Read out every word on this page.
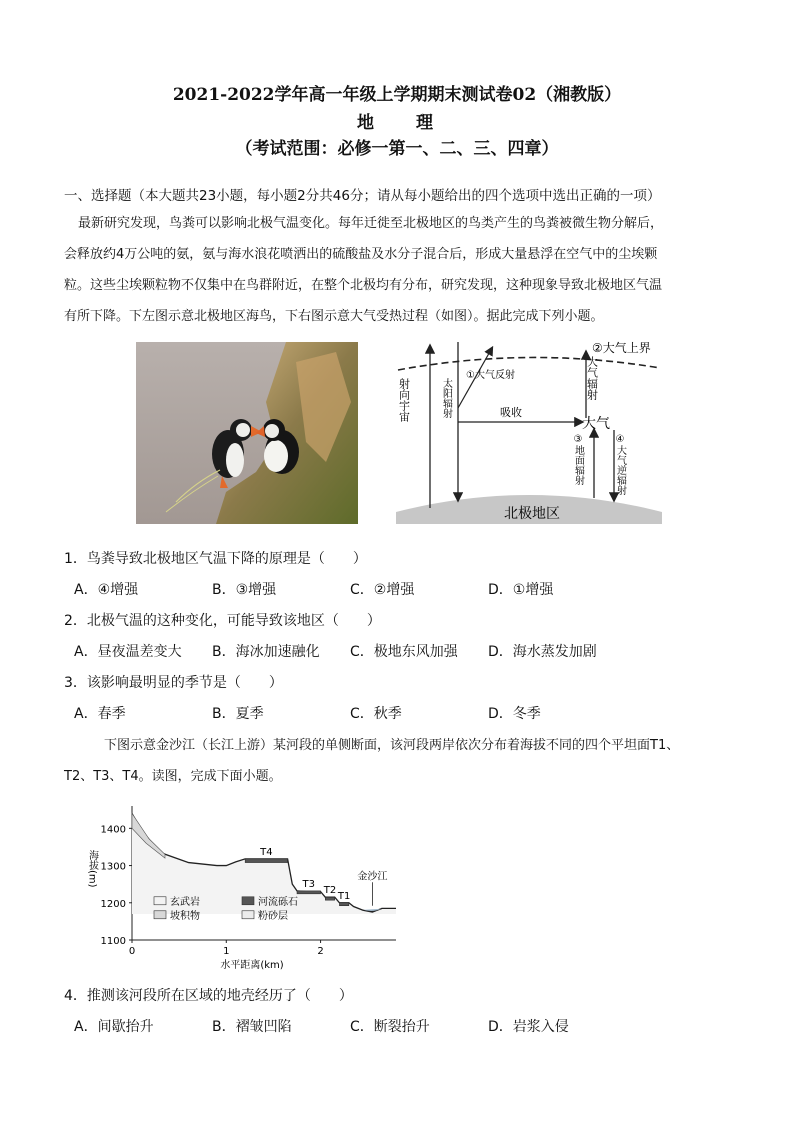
2021-2022学年高一年级上学期期末测试卷02（湘教版）
地 理
（考试范围：必修一第一、二、三、四章）
一、选择题（本大题共23小题，每小题2分共46分；请从每小题给出的四个选项中选出正确的一项）
最新研究发现，鸟粪可以影响北极气温变化。每年迁徙至北极地区的鸟类产生的鸟粪被微生物分解后，
会释放约4万公吨的氨，氨与海水浪花喷洒出的硫酸盐及水分子混合后，形成大量悬浮在空气中的尘埃颗
粒。这些尘埃颗粒物不仅集中在鸟群附近，在整个北极均有分布，研究发现，这种现象导致北极地区气温
有所下降。下左图示意北极地区海鸟，下右图示意大气受热过程（如图）。据此完成下列小题。
射向宇宙	太阳辐射
①大气反射
吸收
大气辐射
大气
③地面辐射	④大气逆辐射
②大气上界
北极地区
1．鸟粪导致北极地区气温下降的原理是（　　）
A．④增强	B．③增强	C．②增强	D．①增强
2．北极气温的这种变化，可能导致该地区（　　）
A．昼夜温差变大 B．海冰加速融化 C．极地东风加强 D．海水蒸发加剧
3．该影响最明显的季节是（　　）
A．春季	B．夏季	C．秋季	D．冬季
下图示意金沙江（长江上游）某河段的单侧断面，该河段两岸依次分布着海拔不同的四个平坦面T1、
T2、T3、T4。读图，完成下面小题。
1400
1300
1200
1100
0	1	2
海拔(m)
水平距离(km)
T4
T3
T2
T1
金沙江
玄武岩	河流砾石
坡积物	粉砂层
4．推测该河段所在区域的地壳经历了（　　）
A．间歇抬升	B．褶皱凹陷	C．断裂抬升	D．岩浆入侵
